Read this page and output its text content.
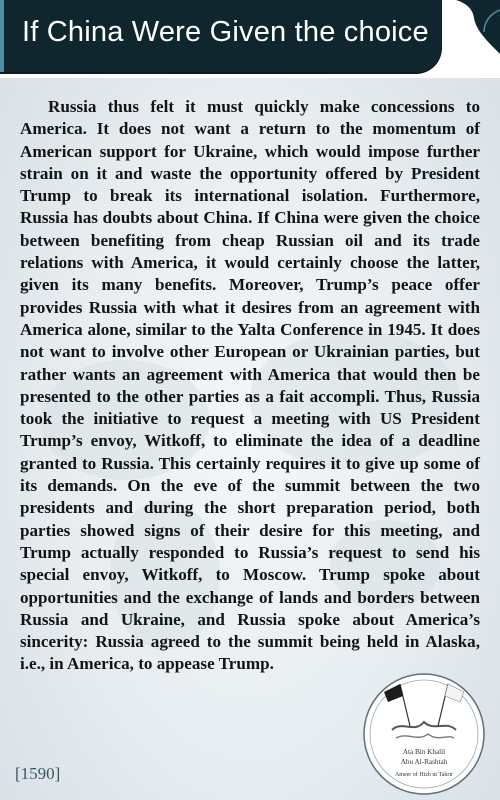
If China Were Given the choice

Russia thus felt it must quickly make concessions to America. It does not want a return to the momentum of American support for Ukraine, which would impose further strain on it and waste the opportunity offered by President Trump to break its international isolation. Furthermore, Russia has doubts about China. If China were given the choice between benefiting from cheap Russian oil and its trade relations with America, it would certainly choose the latter, given its many benefits. Moreover, Trump’s peace offer provides Russia with what it desires from an agreement with America alone, similar to the Yalta Conference in 1945. It does not want to involve other European or Ukrainian parties, but rather wants an agreement with America that would then be presented to the other parties as a fait accompli. Thus, Russia took the initiative to request a meeting with US President Trump’s envoy, Witkoff, to eliminate the idea of a deadline granted to Russia. This certainly requires it to give up some of its demands. On the eve of the summit between the two presidents and during the short preparation period, both parties showed signs of their desire for this meeting, and Trump actually responded to Russia’s request to send his special envoy, Witkoff, to Moscow. Trump spoke about opportunities and the exchange of lands and borders between Russia and Ukraine, and Russia spoke about America’s sincerity: Russia agreed to the summit being held in Alaska, i.e., in America, to appease Trump.

[1590]
Ata Bin Khalil
Abu Al-Rashtah
Ameer of Hizb ut Tahrir
